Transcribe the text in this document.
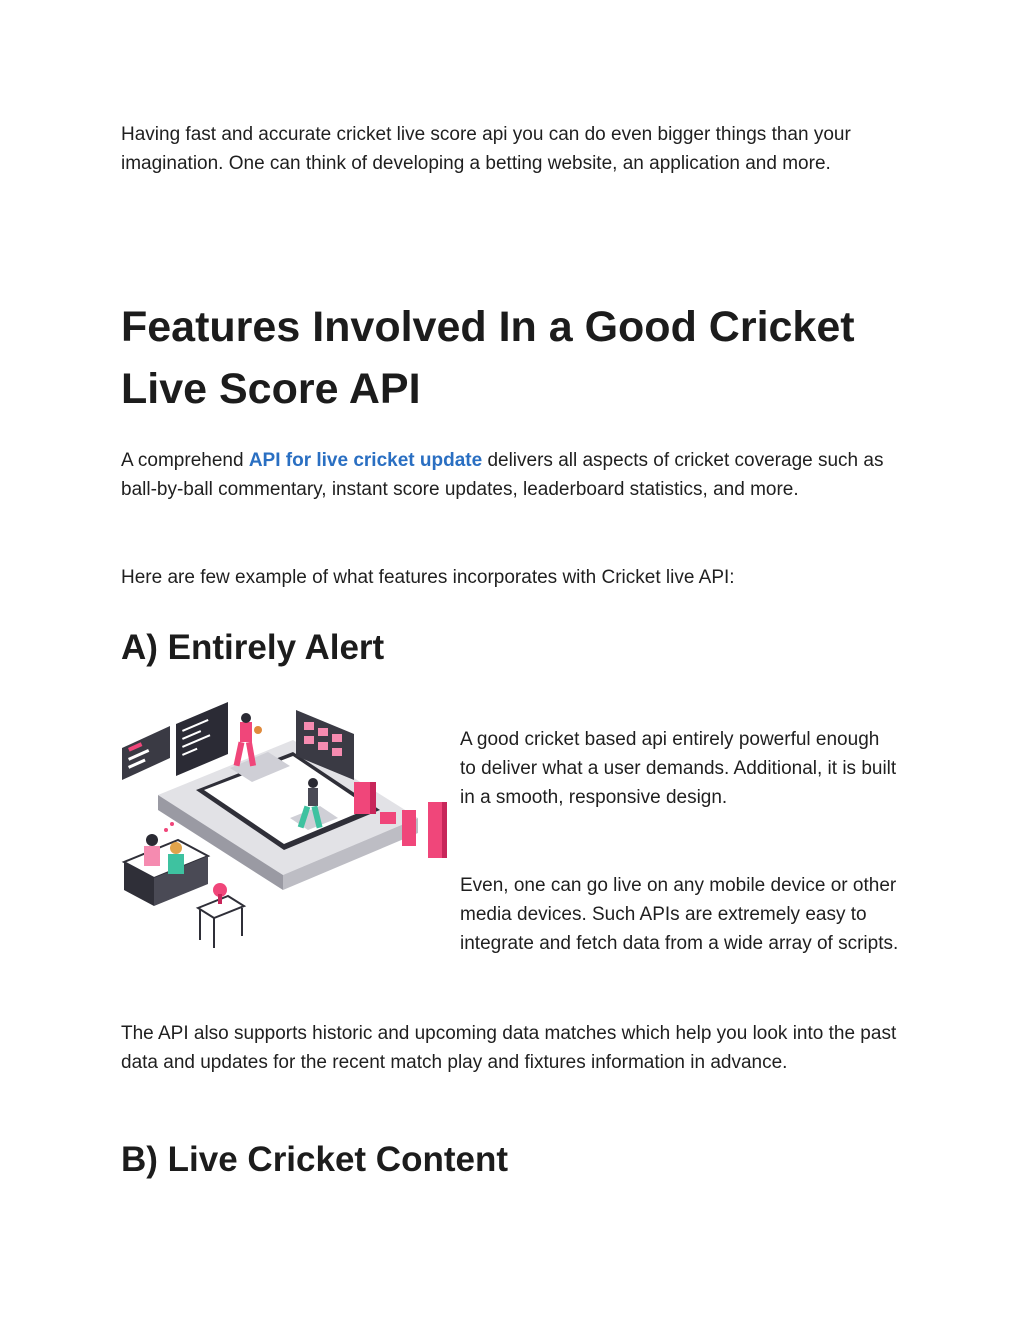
Having fast and accurate cricket live score api you can do even bigger things than your imagination. One can think of developing a betting website, an application and more.

Features Involved In a Good Cricket Live Score API

A comprehend API for live cricket update delivers all aspects of cricket coverage such as ball-by-ball commentary, instant score updates, leaderboard statistics, and more.

Here are few example of what features incorporates with Cricket live API:

A) Entirely Alert

A good cricket based api entirely powerful enough to deliver what a user demands. Additional, it is built in a smooth, responsive design.

Even, one can go live on any mobile device or other media devices. Such APIs are extremely easy to integrate and fetch data from a wide array of scripts.

The API also supports historic and upcoming data matches which help you look into the past data and updates for the recent match play and fixtures information in advance.

B) Live Cricket Content
